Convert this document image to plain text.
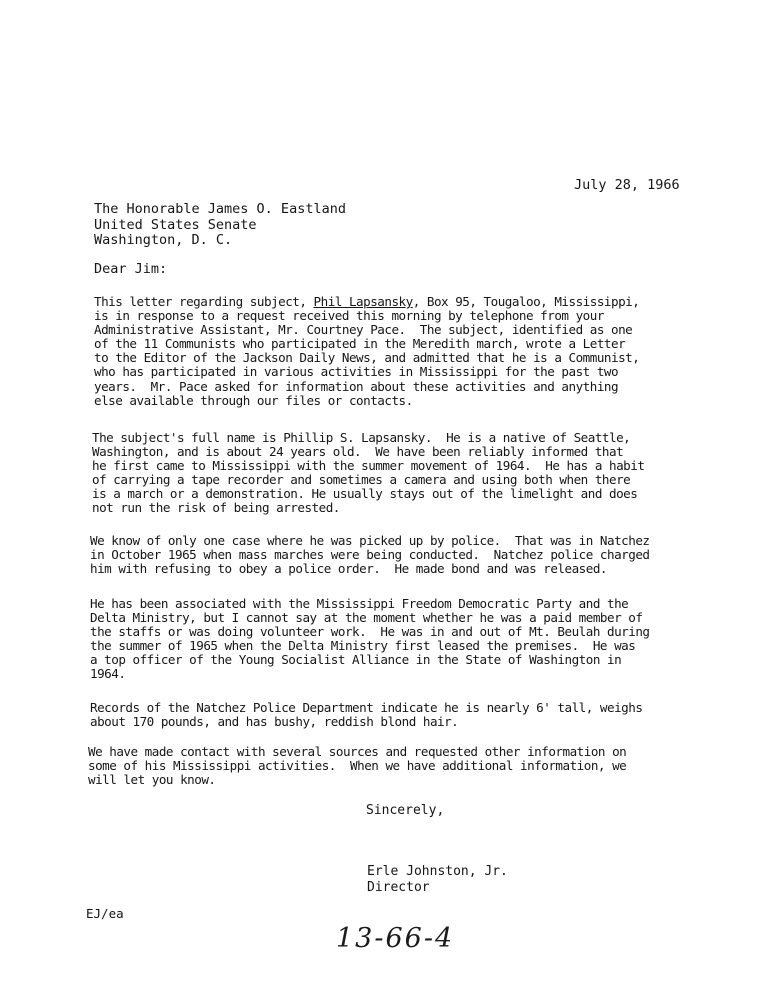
July 28, 1966
The Honorable James O. Eastland
United States Senate
Washington, D. C.
Dear Jim:
This letter regarding subject, Phil Lapsansky, Box 95, Tougaloo, Mississippi,
is in response to a request received this morning by telephone from your
Administrative Assistant, Mr. Courtney Pace.  The subject, identified as one
of the 11 Communists who participated in the Meredith march, wrote a Letter
to the Editor of the Jackson Daily News, and admitted that he is a Communist,
who has participated in various activities in Mississippi for the past two
years.  Mr. Pace asked for information about these activities and anything
else available through our files or contacts.
The subject's full name is Phillip S. Lapsansky.  He is a native of Seattle,
Washington, and is about 24 years old.  We have been reliably informed that
he first came to Mississippi with the summer movement of 1964.  He has a habit
of carrying a tape recorder and sometimes a camera and using both when there
is a march or a demonstration. He usually stays out of the limelight and does
not run the risk of being arrested.
We know of only one case where he was picked up by police.  That was in Natchez
in October 1965 when mass marches were being conducted.  Natchez police charged
him with refusing to obey a police order.  He made bond and was released.
He has been associated with the Mississippi Freedom Democratic Party and the
Delta Ministry, but I cannot say at the moment whether he was a paid member of
the staffs or was doing volunteer work.  He was in and out of Mt. Beulah during
the summer of 1965 when the Delta Ministry first leased the premises.  He was
a top officer of the Young Socialist Alliance in the State of Washington in
1964.
Records of the Natchez Police Department indicate he is nearly 6' tall, weighs
about 170 pounds, and has bushy, reddish blond hair.
We have made contact with several sources and requested other information on
some of his Mississippi activities.  When we have additional information, we
will let you know.
Sincerely,
Erle Johnston, Jr.
Director
EJ/ea
13-66-4
